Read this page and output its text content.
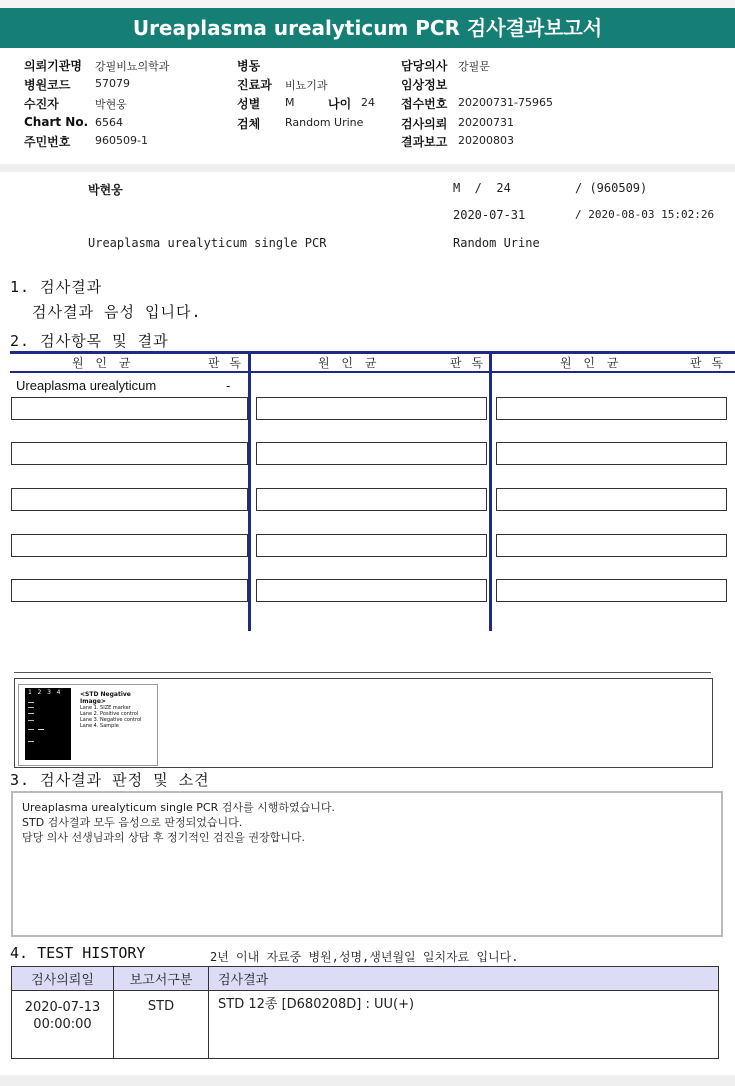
Ureaplasma urealyticum PCR 검사결과보고서
의뢰기관명 강필비뇨의학과
병원코드 57079
수진자	박현웅
Chart No. 6564
주민번호 960509-1
병동
진료과 비뇨기과
성별 M	나이 24
검체 Random Urine
담당의사 강필문
임상정보
접수번호 20200731-75965
검사의뢰 20200731
결과보고 20200803
박현웅	M  /  24	/ (960509)
2020-07-31	/ 2020-08-03 15:02:26
Ureaplasma urealyticum single PCR	Random Urine
1. 검사결과
검사결과 음성 입니다.
2. 검사항목 및 결과
원 인 균	판 독	원 인 균	판 독	원 인 균	판 독
Ureaplasma urealyticum	-
1   2   3   4	<STD Negative Image>
Lane 1. SIZE marker
Lane 2. Positive control
Lane 3. Negative control
Lane 4. Sample
3. 검사결과 판정 및 소견
Ureaplasma urealyticum single PCR 검사를 시행하였습니다.
STD 검사결과 모두 음성으로 판정되었습니다.
담당 의사 선생님과의 상담 후 정기적인 검진을 권장합니다.
4. TEST HISTORY	2년 이내 자료중 병원,성명,생년월일 일치자료 입니다.
검사의뢰일	보고서구분	검사결과

2020-07-13
00:00:00	STD	STD 12종 [D680208D] : UU(+)
